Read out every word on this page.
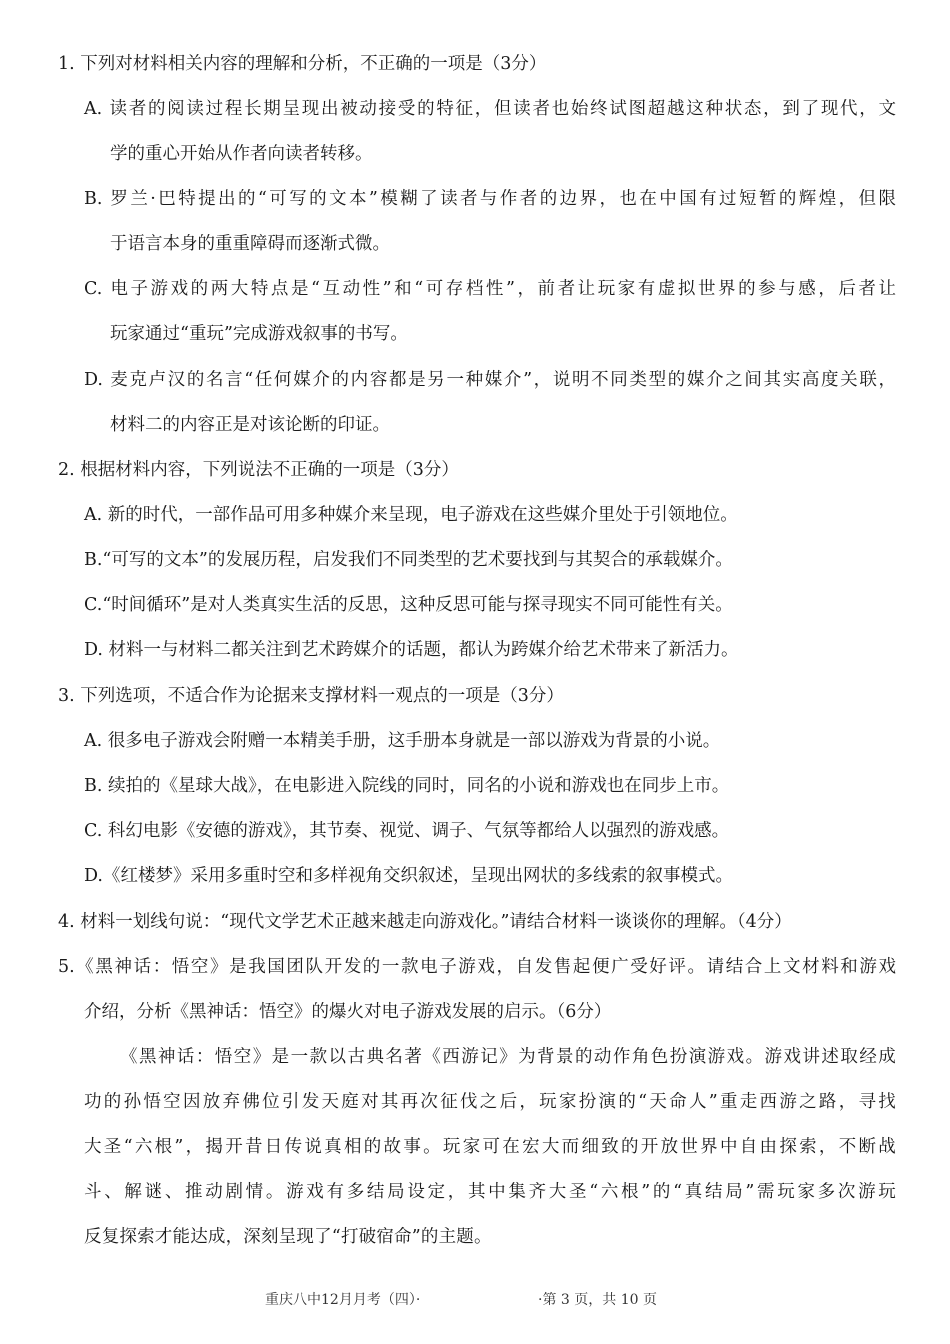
1. 下列对材料相关内容的理解和分析，不正确的一项是（3分）
A. 读者的阅读过程长期呈现出被动接受的特征，但读者也始终试图超越这种状态，到了现代，文
学的重心开始从作者向读者转移。
B. 罗兰·巴特提出的“可写的文本”模糊了读者与作者的边界，也在中国有过短暂的辉煌，但限
于语言本身的重重障碍而逐渐式微。
C. 电子游戏的两大特点是“互动性”和“可存档性”，前者让玩家有虚拟世界的参与感，后者让
玩家通过“重玩”完成游戏叙事的书写。
D. 麦克卢汉的名言“任何媒介的内容都是另一种媒介”，说明不同类型的媒介之间其实高度关联，
材料二的内容正是对该论断的印证。
2. 根据材料内容，下列说法不正确的一项是（3分）
A. 新的时代，一部作品可用多种媒介来呈现，电子游戏在这些媒介里处于引领地位。
B.“可写的文本”的发展历程，启发我们不同类型的艺术要找到与其契合的承载媒介。
C.“时间循环”是对人类真实生活的反思，这种反思可能与探寻现实不同可能性有关。
D. 材料一与材料二都关注到艺术跨媒介的话题，都认为跨媒介给艺术带来了新活力。
3. 下列选项，不适合作为论据来支撑材料一观点的一项是（3分）
A. 很多电子游戏会附赠一本精美手册，这手册本身就是一部以游戏为背景的小说。
B. 续拍的《星球大战》，在电影进入院线的同时，同名的小说和游戏也在同步上市。
C. 科幻电影《安德的游戏》，其节奏、视觉、调子、气氛等都给人以强烈的游戏感。
D.《红楼梦》采用多重时空和多样视角交织叙述，呈现出网状的多线索的叙事模式。
4. 材料一划线句说：“现代文学艺术正越来越走向游戏化。”请结合材料一谈谈你的理解。（4分）
5.《黑神话：悟空》是我国团队开发的一款电子游戏，自发售起便广受好评。请结合上文材料和游戏
介绍，分析《黑神话：悟空》的爆火对电子游戏发展的启示。（6分）
《黑神话：悟空》是一款以古典名著《西游记》为背景的动作角色扮演游戏。游戏讲述取经成
功的孙悟空因放弃佛位引发天庭对其再次征伐之后，玩家扮演的“天命人”重走西游之路，寻找
大圣“六根”，揭开昔日传说真相的故事。玩家可在宏大而细致的开放世界中自由探索，不断战
斗、解谜、推动剧情。游戏有多结局设定，其中集齐大圣“六根”的“真结局”需玩家多次游玩
反复探索才能达成，深刻呈现了“打破宿命”的主题。
重庆八中12月月考（四）·	·第 3 页，共 10 页
